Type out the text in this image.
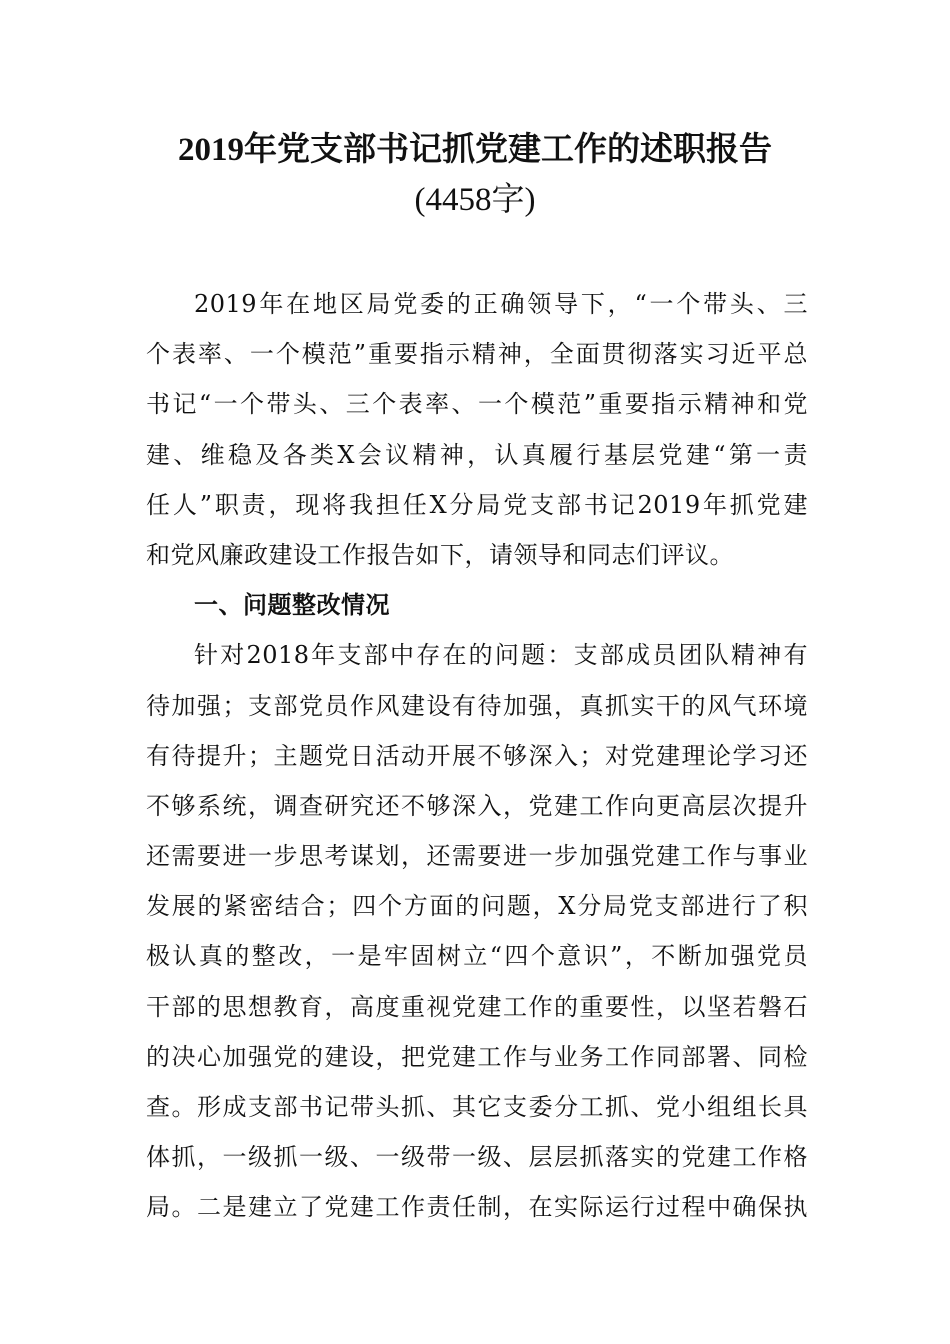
2019年党支部书记抓党建工作的述职报告
(4458字)
2019年在地区局党委的正确领导下，“一个带头、三
个表率、一个模范”重要指示精神，全面贯彻落实习近平总
书记“一个带头、三个表率、一个模范”重要指示精神和党
建、维稳及各类X会议精神，认真履行基层党建“第一责
任人”职责，现将我担任X分局党支部书记2019年抓党建
和党风廉政建设工作报告如下，请领导和同志们评议。
一、问题整改情况
针对2018年支部中存在的问题：支部成员团队精神有
待加强；支部党员作风建设有待加强，真抓实干的风气环境
有待提升；主题党日活动开展不够深入；对党建理论学习还
不够系统，调查研究还不够深入，党建工作向更高层次提升
还需要进一步思考谋划，还需要进一步加强党建工作与事业
发展的紧密结合；四个方面的问题，X分局党支部进行了积
极认真的整改，一是牢固树立“四个意识”，不断加强党员
干部的思想教育，高度重视党建工作的重要性，以坚若磐石
的决心加强党的建设，把党建工作与业务工作同部署、同检
查。形成支部书记带头抓、其它支委分工抓、党小组组长具
体抓，一级抓一级、一级带一级、层层抓落实的党建工作格
局。二是建立了党建工作责任制，在实际运行过程中确保执
